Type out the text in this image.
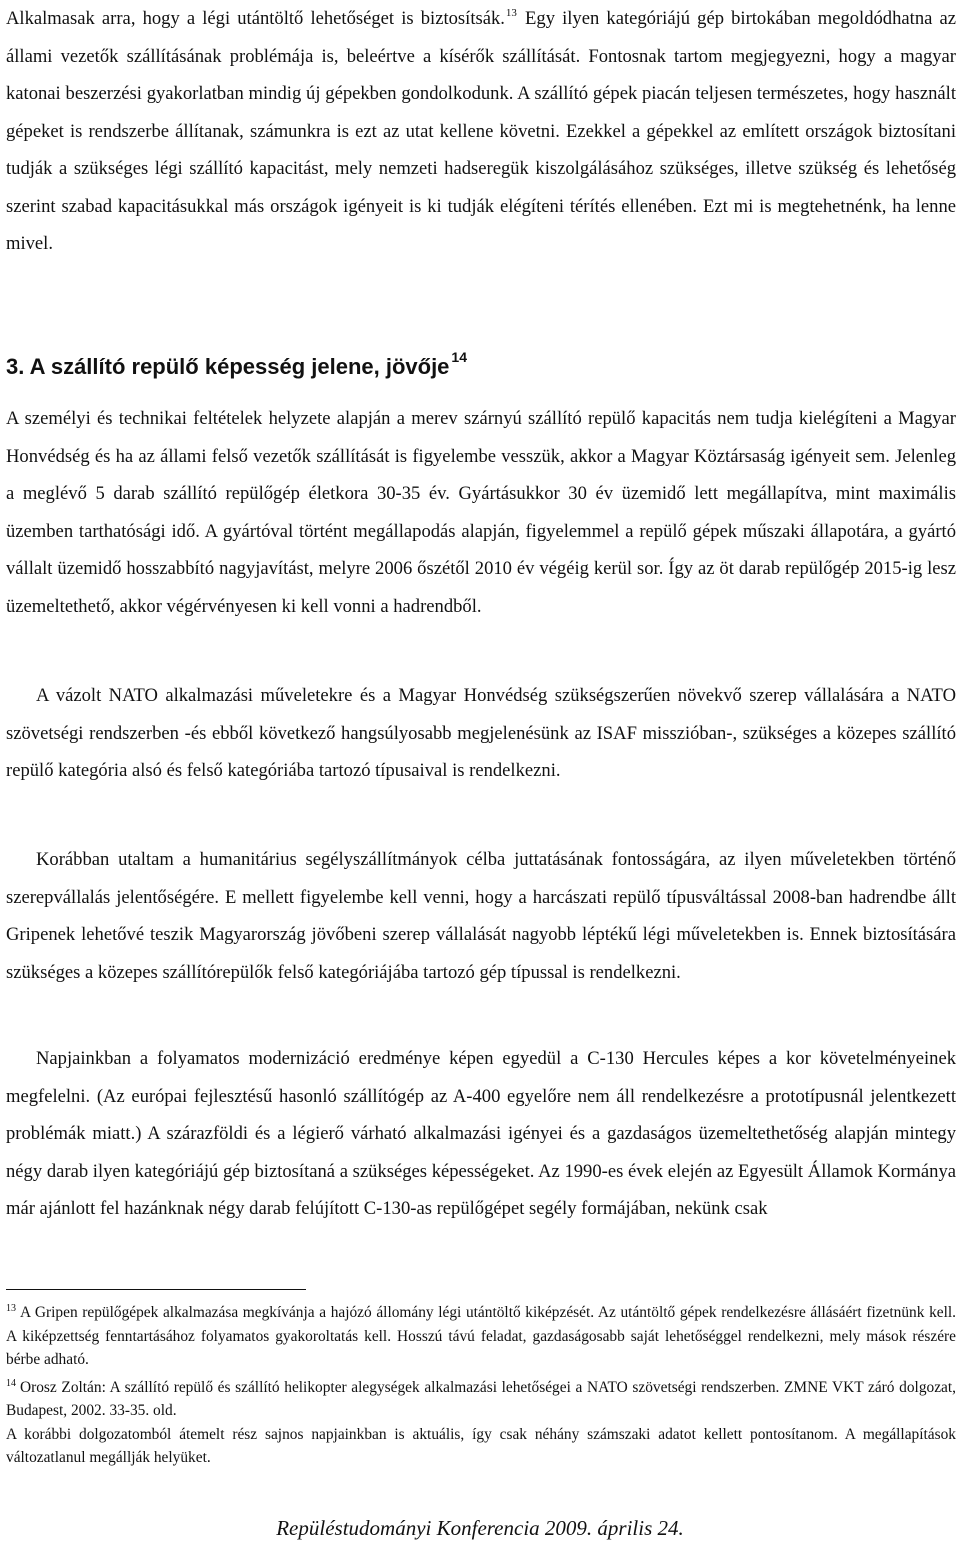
Alkalmasak arra, hogy a légi utántöltő lehetőséget is biztosítsák.$^{13}$ Egy ilyen kategóriájú gép birtokában megoldódhatna az állami vezetők szállításának problémája is, beleértve a kísérők szállítását. Fontosnak tartom megjegyezni, hogy a magyar katonai beszerzési gyakorlatban mindig új gépekben gondolkodunk. A szállító gépek piacán teljesen természetes, hogy használt gépeket is rendszerbe állítanak, számunkra is ezt az utat kellene követni. Ezekkel a gépekkel az említett országok biztosítani tudják a szükséges légi szállító kapacitást, mely nemzeti hadseregük kiszolgálásához szükséges, illetve szükség és lehetőség szerint szabad kapacitásukkal más országok igényeit is ki tudják elégíteni térítés ellenében. Ezt mi is megtehetnénk, ha lenne mivel.

3. A szállító repülő képesség jelene, jövője $^{14}$

A személyi és technikai feltételek helyzete alapján a merev szárnyú szállító repülő kapacitás nem tudja kielégíteni a Magyar Honvédség és ha az állami felső vezetők szállítását is figyelembe vesszük, akkor a Magyar Köztársaság igényeit sem. Jelenleg a meglévő 5 darab szállító repülőgép életkora 30-35 év. Gyártásukkor 30 év üzemidő lett megállapítva, mint maximális üzemben tarthatósági idő. A gyártóval történt megállapodás alapján, figyelemmel a repülő gépek műszaki állapotára, a gyártó vállalt üzemidő hosszabbító nagyjavítást, melyre 2006 őszétől 2010 év végéig kerül sor. Így az öt darab repülőgép 2015-ig lesz üzemeltethető, akkor végérvényesen ki kell vonni a hadrendből.

A vázolt NATO alkalmazási műveletekre és a Magyar Honvédség szükségszerűen növekvő szerep vállalására a NATO szövetségi rendszerben -és ebből következő hangsúlyosabb megjelenésünk az ISAF misszióban-, szükséges a közepes szállító repülő kategória alsó és felső kategóriába tartozó típusaival is rendelkezni.

Korábban utaltam a humanitárius segélyszállítmányok célba juttatásának fontosságára, az ilyen műveletekben történő szerepvállalás jelentőségére. E mellett figyelembe kell venni, hogy a harcászati repülő típusváltással 2008-ban hadrendbe állt Gripenek lehetővé teszik Magyarország jövőbeni szerep vállalását nagyobb léptékű légi műveletekben is. Ennek biztosítására szükséges a közepes szállítórepülők felső kategóriájába tartozó gép típussal is rendelkezni.

Napjainkban a folyamatos modernizáció eredménye képen egyedül a C-130 Hercules képes a kor követelményeinek megfelelni. (Az európai fejlesztésű hasonló szállítógép az A-400 egyelőre nem áll rendelkezésre a prototípusnál jelentkezett problémák miatt.) A szárazföldi és a légierő várható alkalmazási igényei és a gazdaságos üzemeltethetőség alapján mintegy négy darab ilyen kategóriájú gép biztosítaná a szükséges képességeket. Az 1990-es évek elején az Egyesült Államok Kormánya már ajánlott fel hazánknak négy darab felújított C-130-as repülőgépet segély formájában, nekünk csak

$^{13}$ A Gripen repülőgépek alkalmazása megkívánja a hajózó állomány légi utántöltő kiképzését. Az utántöltő gépek rendelkezésre állásáért fizetnünk kell. A kiképzettség fenntartásához folyamatos gyakoroltatás kell. Hosszú távú feladat, gazdaságosabb saját lehetőséggel rendelkezni, mely mások részére bérbe adható.

$^{14}$ Orosz Zoltán: A szállító repülő és szállító helikopter alegységek alkalmazási lehetőségei a NATO szövetségi rendszerben. ZMNE VKT záró dolgozat, Budapest, 2002. 33-35. old.

A korábbi dolgozatomból átemelt rész sajnos napjainkban is aktuális, így csak néhány számszaki adatot kellett pontosítanom. A megállapítások változatlanul megállják helyüket.

Repüléstudományi Konferencia 2009. április 24.
